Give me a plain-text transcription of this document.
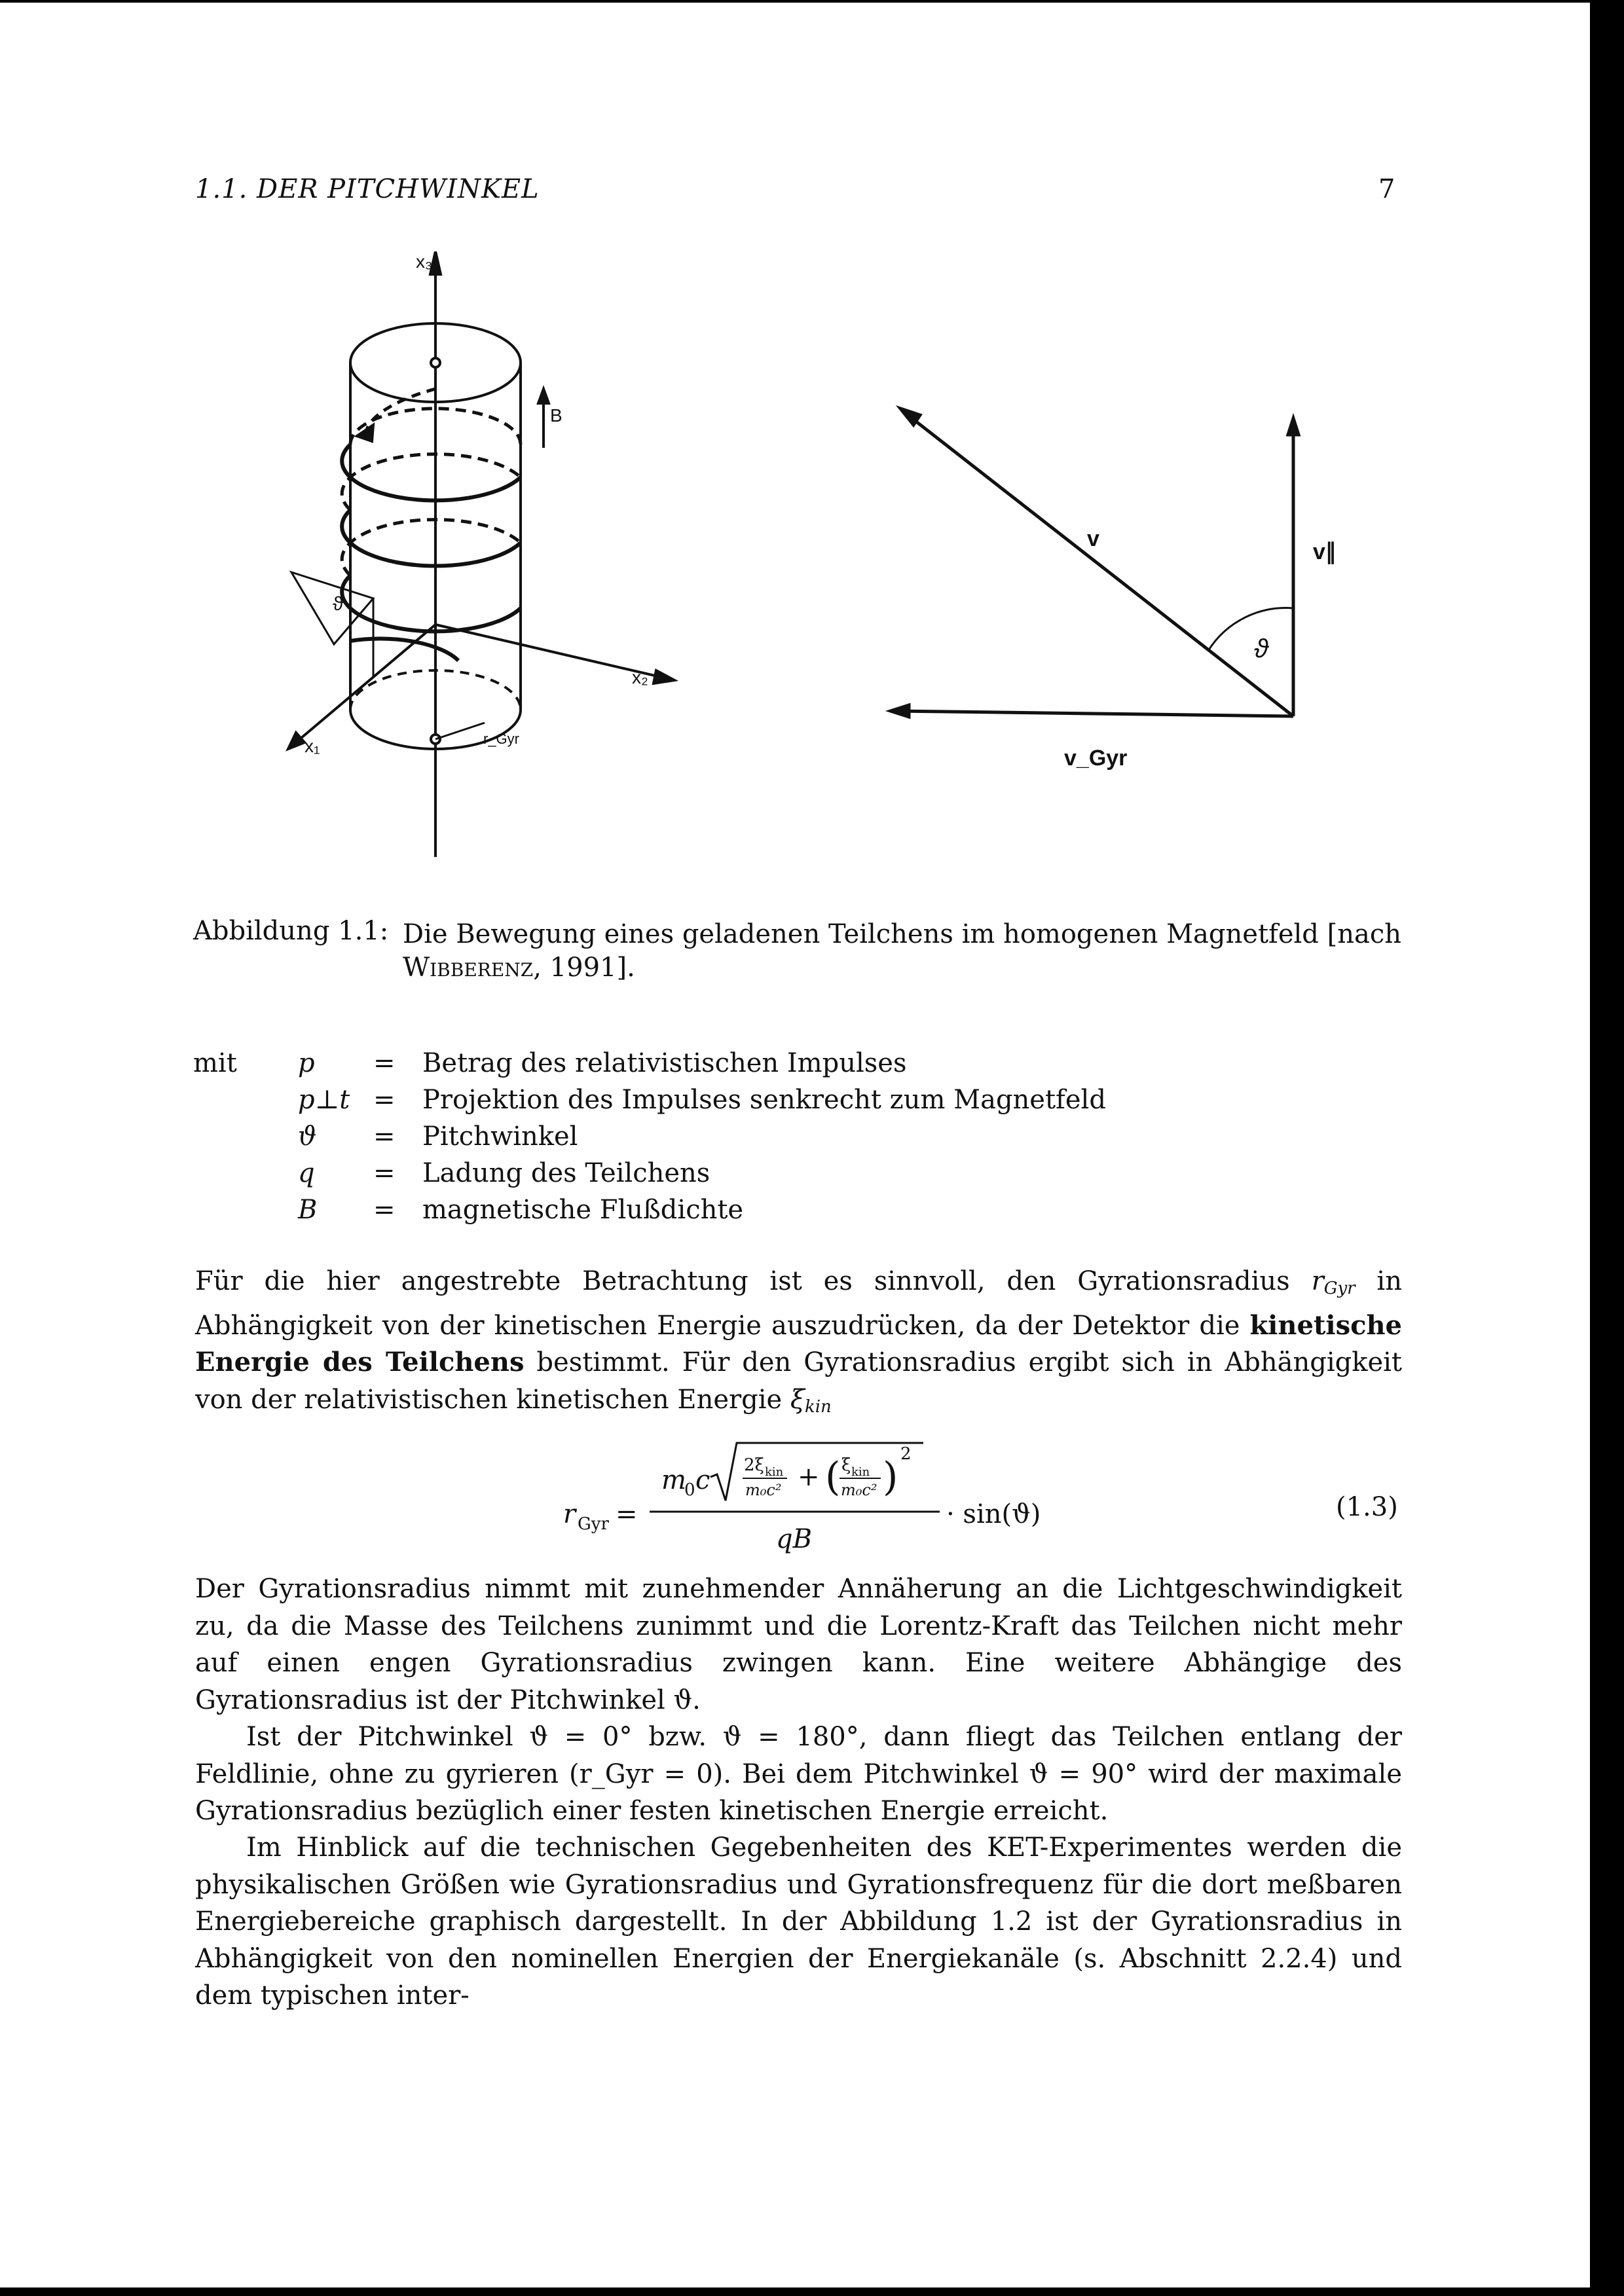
1.1. DER PITCHWINKEL	7
x₃
B
x₂
x₁
ϑ
r_Gyr
v
v∥
v_Gyr
ϑ
Abbildung 1.1: Die Bewegung eines geladenen Teilchens im homogenen Magnetfeld [nach
Wibberenz, 1991].
mit p = Betrag des relativistischen Impulses
p⊥t = Projektion des Impulses senkrecht zum Magnetfeld
ϑ = Pitchwinkel
q = Ladung des Teilchens
B = magnetische Flußdichte

Für die hier angestrebte Betrachtung ist es sinnvoll, den Gyrationsradius $r_{Gyr}$ in Abhängigkeit von der kinetischen Energie auszudrücken, da der Detektor die kinetische Energie des Teilchens bestimmt. Für den Gyrationsradius ergibt sich in Abhängigkeit von der relativistischen kinetischen Energie $\xi_{kin}$

r Gyr =
m
0 c 2ξ kin
m₀c² + ( ξ kin
m₀c² ) 2
qB
· sin(ϑ)	(1.3)
Der Gyrationsradius nimmt mit zunehmender Annäherung an die Lichtgeschwindigkeit zu, da die Masse des Teilchens zunimmt und die Lorentz-Kraft das Teilchen nicht mehr auf einen engen Gyrationsradius zwingen kann. Eine weitere Abhängige des Gyrationsradius ist der Pitchwinkel ϑ.
Ist der Pitchwinkel ϑ = 0° bzw. ϑ = 180°, dann fliegt das Teilchen entlang der Feldlinie, ohne zu gyrieren (r_Gyr = 0). Bei dem Pitchwinkel ϑ = 90° wird der maximale Gyrationsradius bezüglich einer festen kinetischen Energie erreicht.
Im Hinblick auf die technischen Gegebenheiten des KET-Experimentes werden die physikalischen Größen wie Gyrationsradius und Gyrationsfrequenz für die dort meßbaren Energiebereiche graphisch dargestellt. In der Abbildung 1.2 ist der Gyrationsradius in Abhängigkeit von den nominellen Energien der Energiekanäle (s. Abschnitt 2.2.4) und dem typischen inter-
